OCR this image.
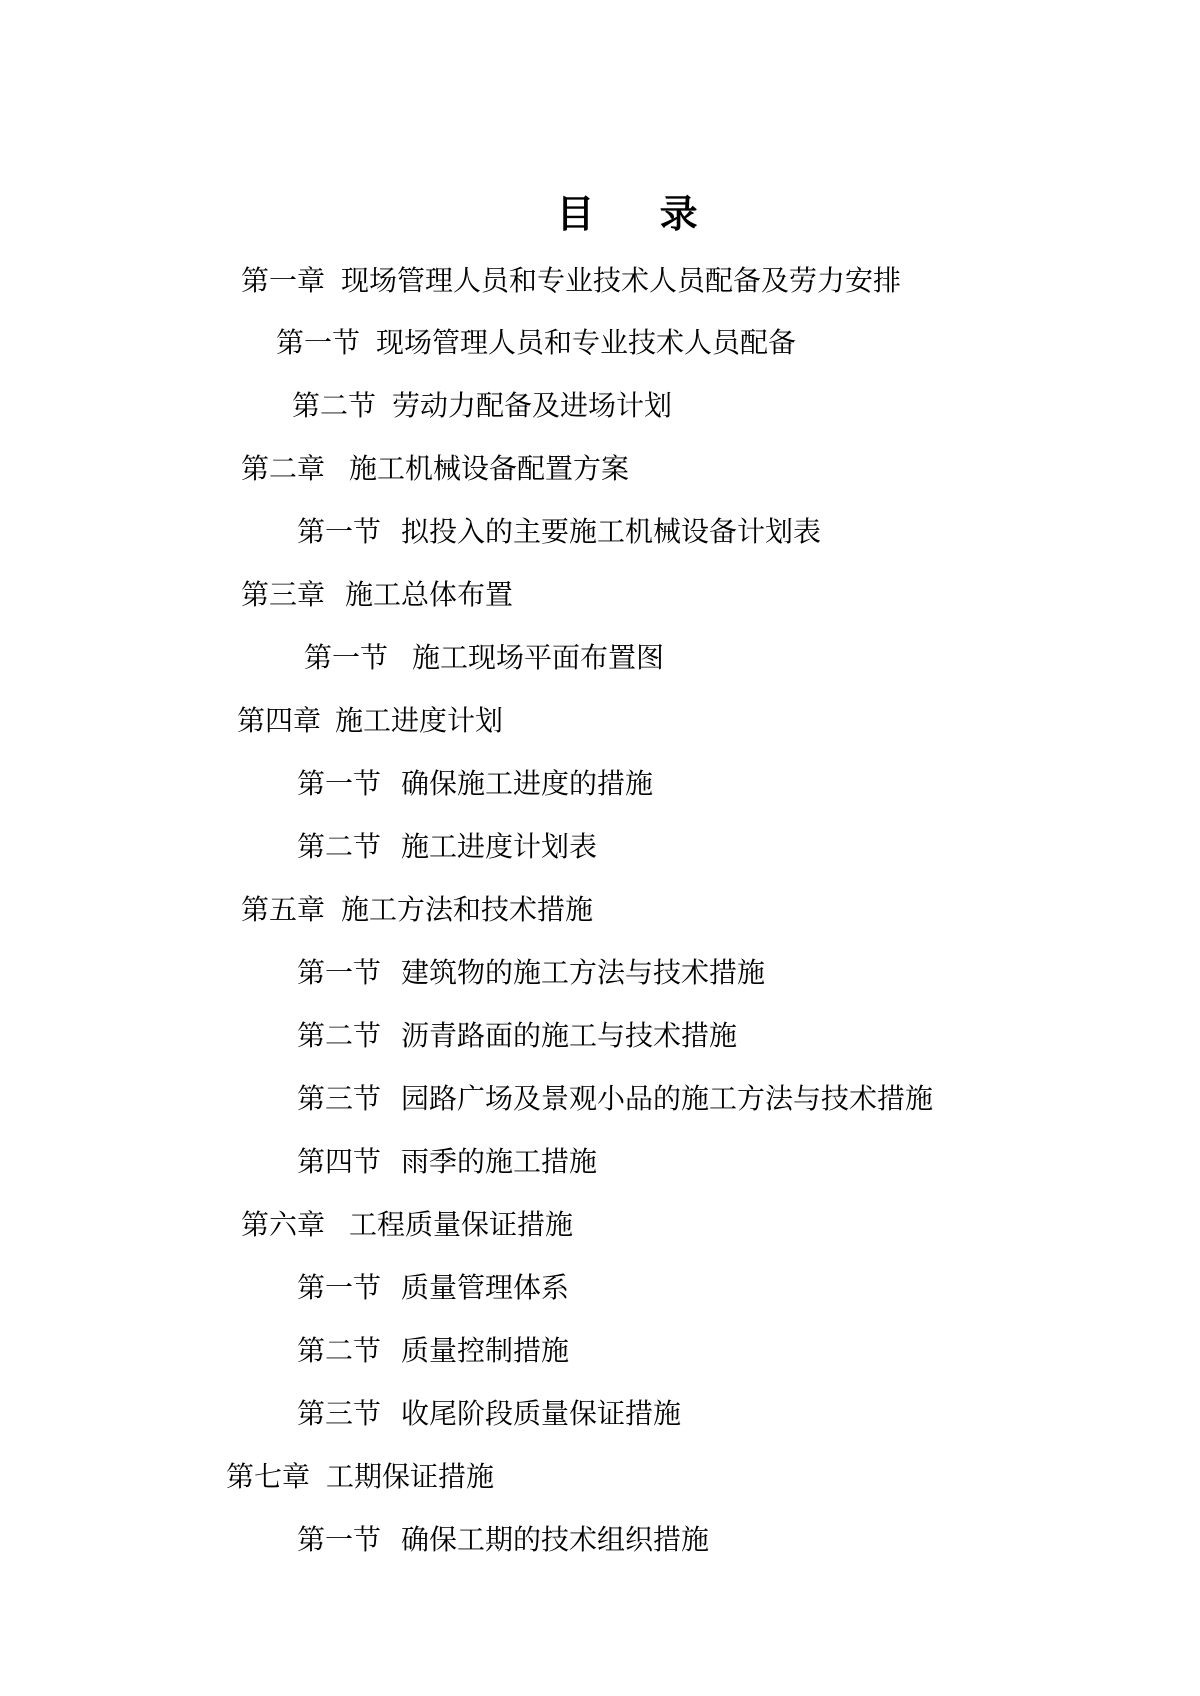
目 录
第一章 现场管理人员和专业技术人员配备及劳力安排
第一节 现场管理人员和专业技术人员配备
第二节 劳动力配备及进场计划
第二章 施工机械设备配置方案
第一节 拟投入的主要施工机械设备计划表
第三章 施工总体布置
第一节 施工现场平面布置图
第四章 施工进度计划
第一节 确保施工进度的措施
第二节 施工进度计划表
第五章 施工方法和技术措施
第一节 建筑物的施工方法与技术措施
第二节 沥青路面的施工与技术措施
第三节 园路广场及景观小品的施工方法与技术措施
第四节 雨季的施工措施
第六章 工程质量保证措施
第一节 质量管理体系
第二节 质量控制措施
第三节 收尾阶段质量保证措施
第七章 工期保证措施
第一节 确保工期的技术组织措施
